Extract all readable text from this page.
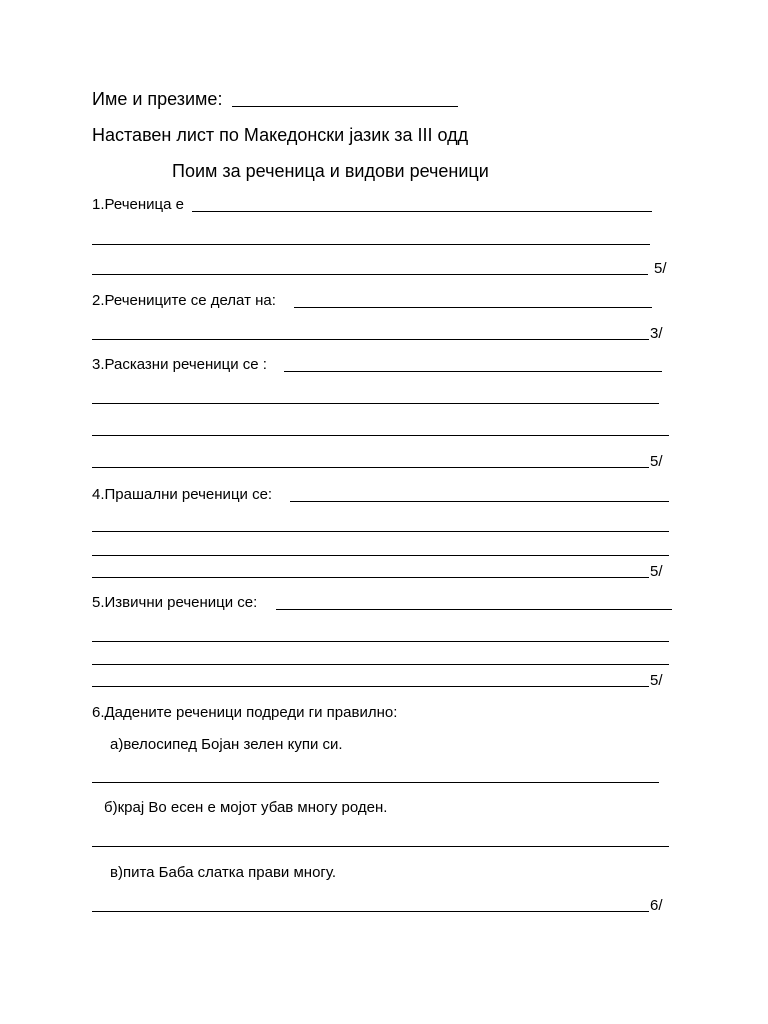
Име и презиме:
Наставен лист по Македонски јазик за III одд
Поим за реченица и видови реченици
1.Реченица е
5/
2.Речениците се делат на:
3/
3.Расказни реченици се :
5/
4.Прашални реченици се:
5/
5.Извични реченици се:
5/
6.Дадените реченици подреди ги правилно:
а)велосипед Бојан зелен купи си.
б)крај Во есен е мојот убав многу роден.
в)пита Баба слатка прави многу.
6/
